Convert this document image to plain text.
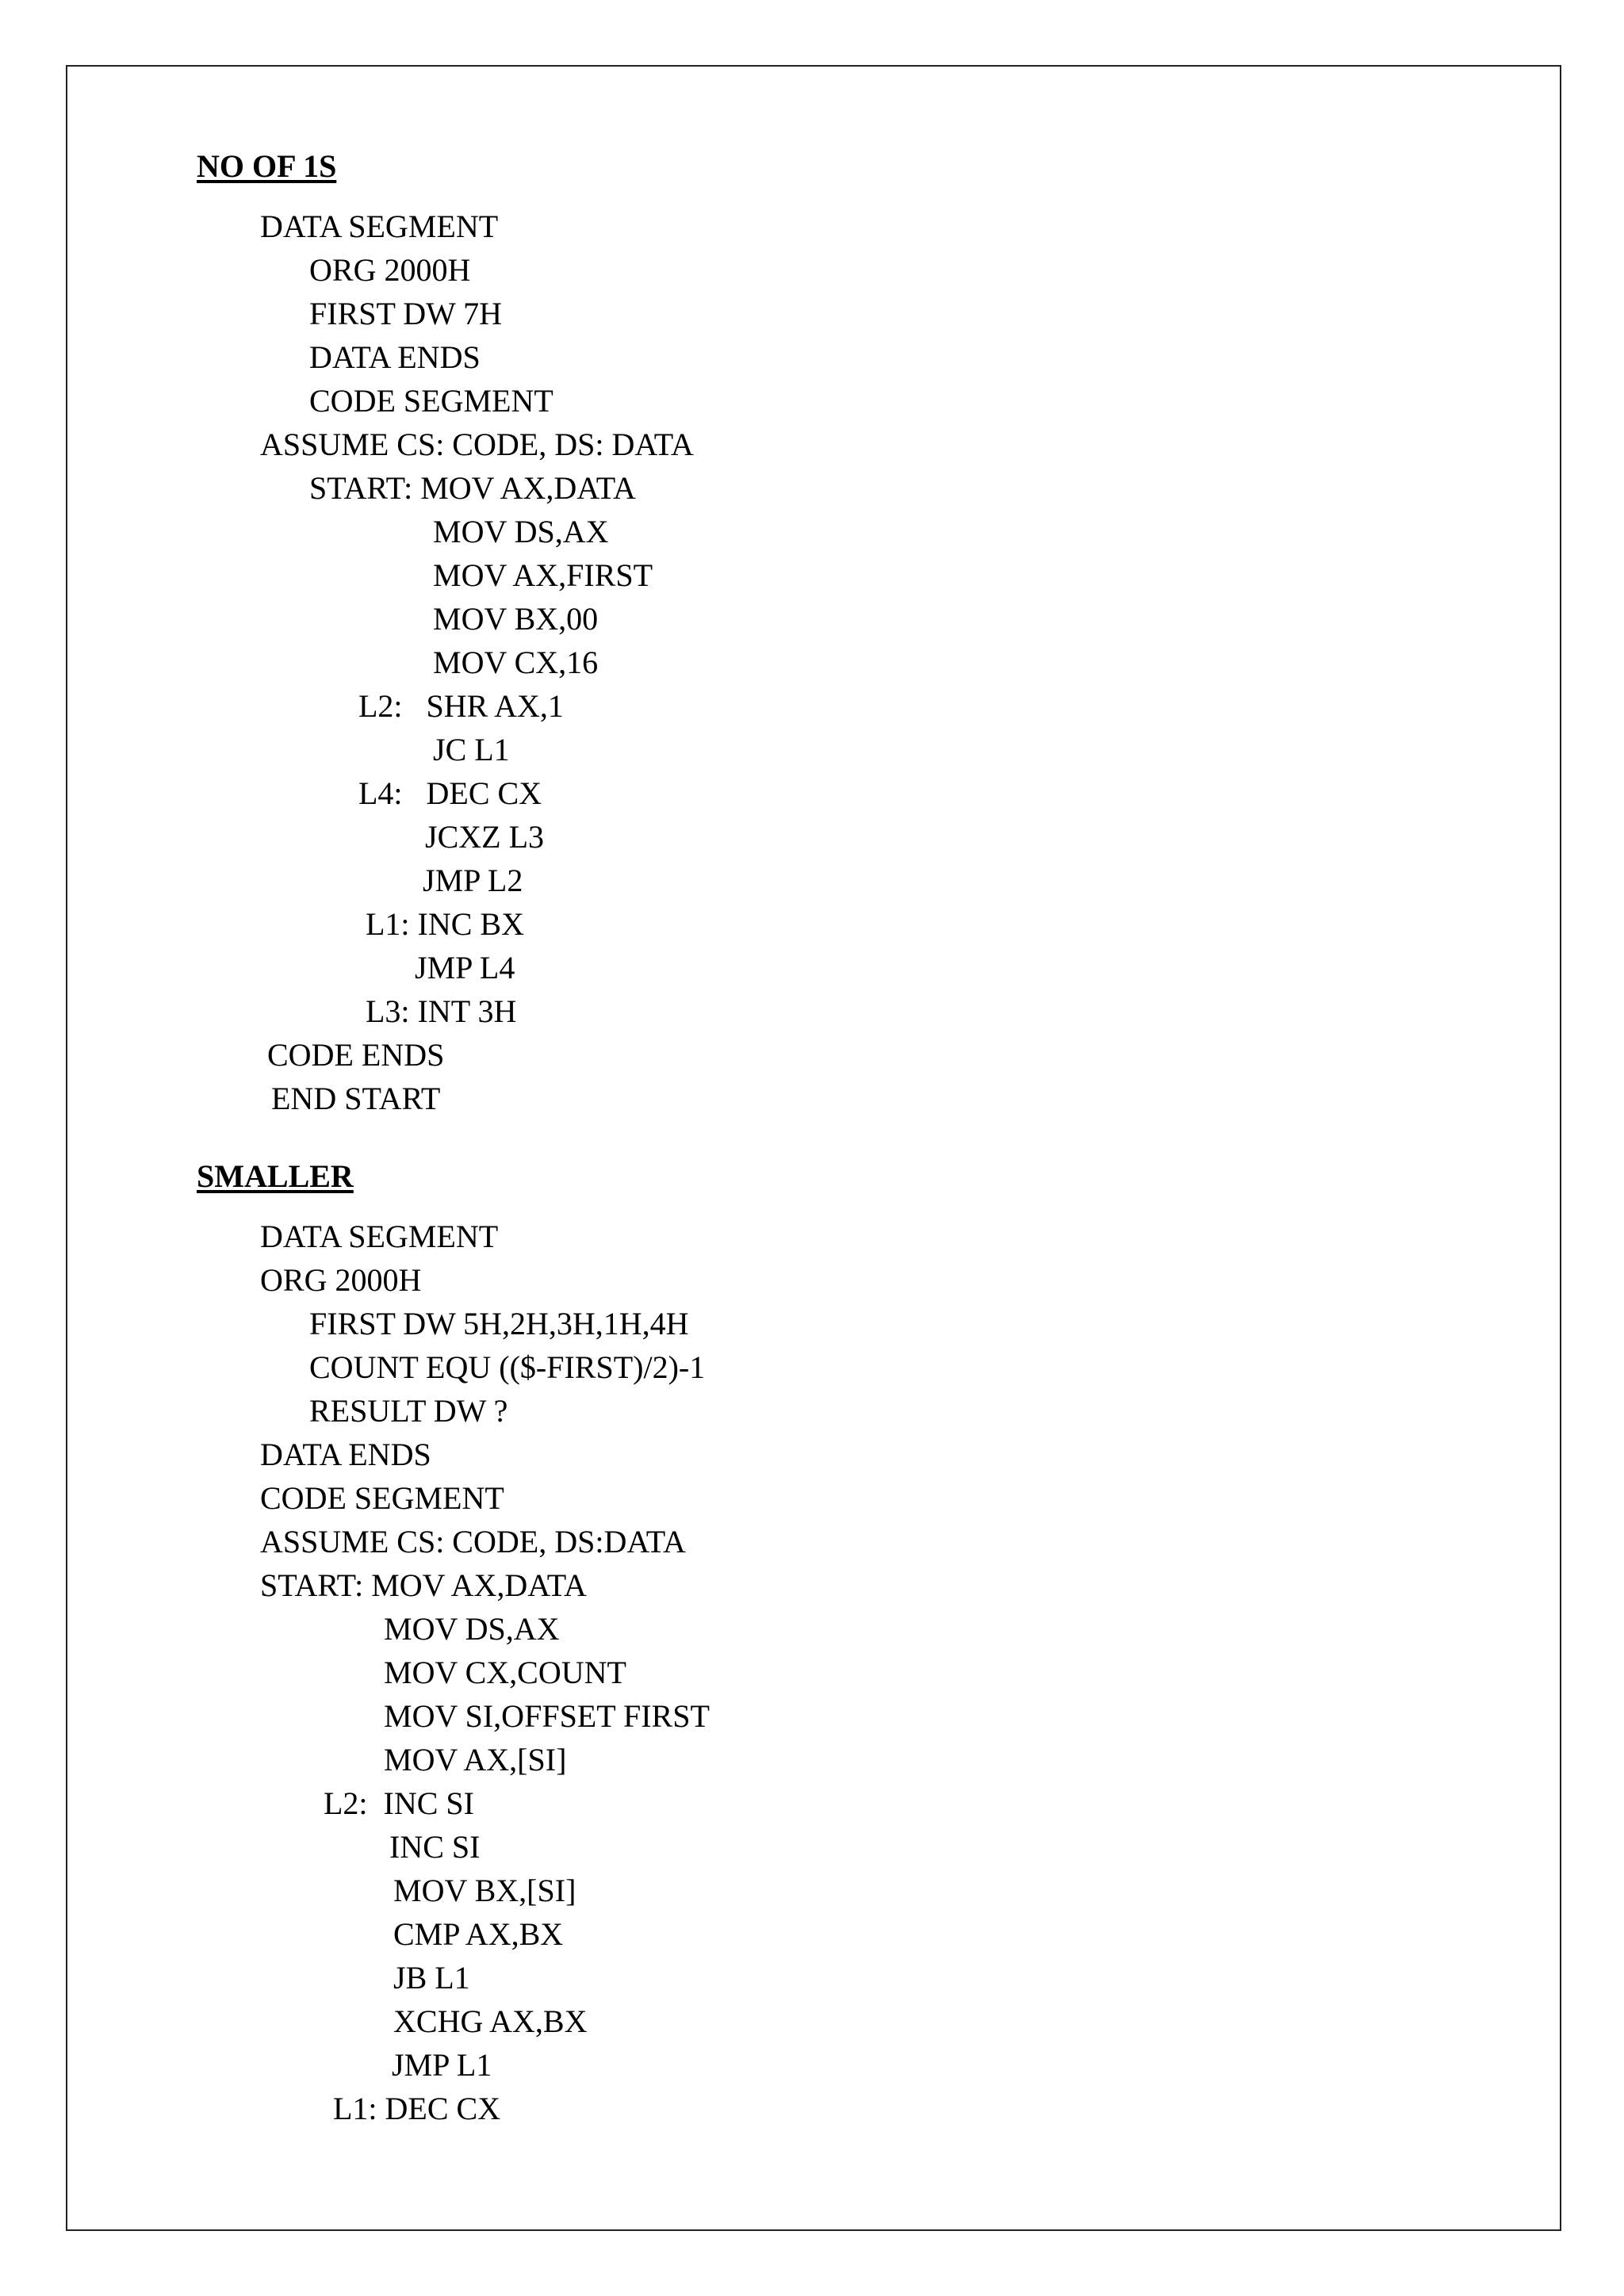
NO OF 1S
DATA SEGMENT
ORG 2000H
FIRST DW 7H
DATA ENDS
CODE SEGMENT
ASSUME CS: CODE, DS: DATA
START: MOV AX,DATA
MOV DS,AX
MOV AX,FIRST
MOV BX,00
MOV CX,16
L2:   SHR AX,1
JC L1
L4:   DEC CX
JCXZ L3
JMP L2
L1: INC BX
JMP L4
L3: INT 3H
CODE ENDS
END START
SMALLER
DATA SEGMENT
ORG 2000H
FIRST DW 5H,2H,3H,1H,4H
COUNT EQU (($-FIRST)/2)-1
RESULT DW ?
DATA ENDS
CODE SEGMENT
ASSUME CS: CODE, DS:DATA
START: MOV AX,DATA
MOV DS,AX
MOV CX,COUNT
MOV SI,OFFSET FIRST
MOV AX,[SI]
L2:  INC SI
INC SI
MOV BX,[SI]
CMP AX,BX
JB L1
XCHG AX,BX
JMP L1
L1: DEC CX
